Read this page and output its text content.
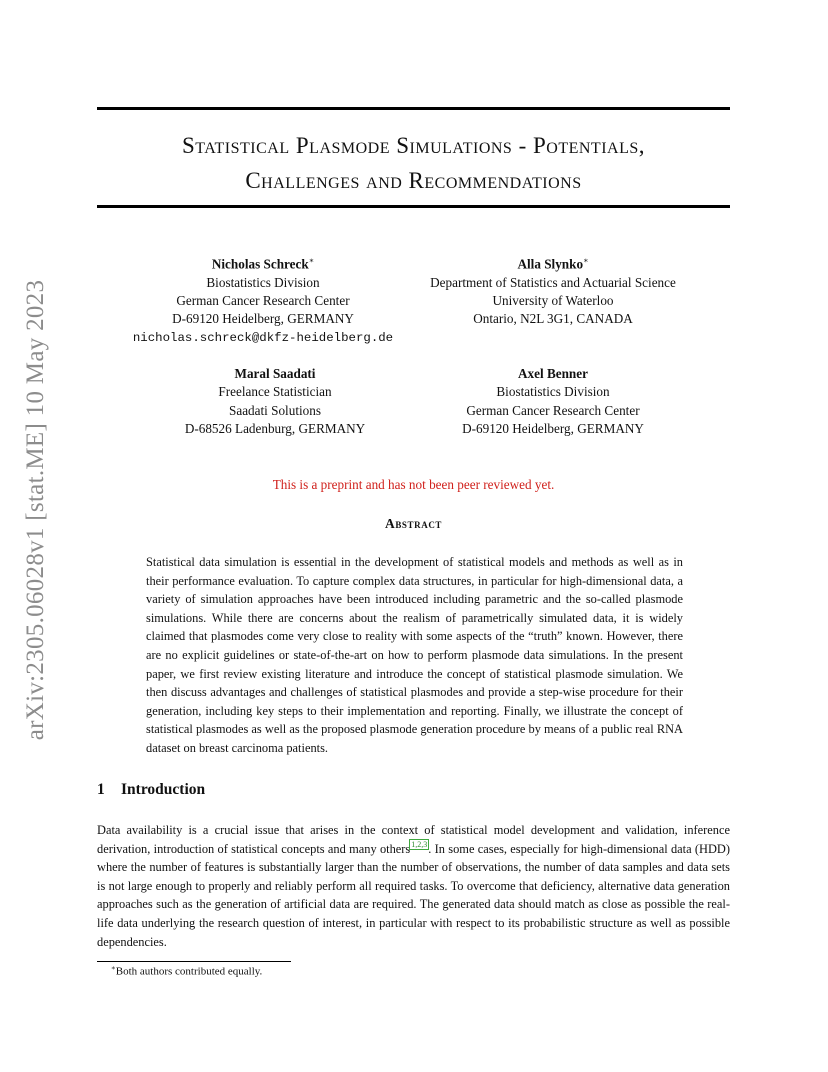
arXiv:2305.06028v1 [stat.ME] 10 May 2023
Statistical Plasmode Simulations - Potentials,
Challenges and Recommendations
Nicholas Schreck∗
Biostatistics Division
German Cancer Research Center
D-69120 Heidelberg, GERMANY
nicholas.schreck@dkfz-heidelberg.de
Alla Slynko∗
Department of Statistics and Actuarial Science
University of Waterloo
Ontario, N2L 3G1, CANADA
Maral Saadati
Freelance Statistician
Saadati Solutions
D-68526 Ladenburg, GERMANY
Axel Benner
Biostatistics Division
German Cancer Research Center
D-69120 Heidelberg, GERMANY
This is a preprint and has not been peer reviewed yet.
Abstract
Statistical data simulation is essential in the development of statistical models and methods as well as in their performance evaluation. To capture complex data structures, in particular for high-dimensional data, a variety of simulation approaches have been introduced including parametric and the so-called plasmode simulations. While there are concerns about the realism of parametrically simulated data, it is widely claimed that plasmodes come very close to reality with some aspects of the “truth” known. However, there are no explicit guidelines or state-of-the-art on how to perform plasmode data simulations. In the present paper, we first review existing literature and introduce the concept of statistical plasmode simulation. We then discuss advantages and challenges of statistical plasmodes and provide a step-wise procedure for their generation, including key steps to their implementation and reporting. Finally, we illustrate the concept of statistical plasmodes as well as the proposed plasmode generation procedure by means of a public real RNA dataset on breast carcinoma patients.
1 Introduction
Data availability is a crucial issue that arises in the context of statistical model development and validation, inference derivation, introduction of statistical concepts and many others$^{1,2,3}$. In some cases, especially for high-dimensional data (HDD) where the number of features is substantially larger than the number of observations, the number of data samples and data sets is not large enough to properly and reliably perform all required tasks. To overcome that deficiency, alternative data generation approaches such as the generation of artificial data are required. The generated data should match as close as possible the real-life data underlying the research question of interest, in particular with respect to its probabilistic structure as well as possible dependencies.
∗Both authors contributed equally.
